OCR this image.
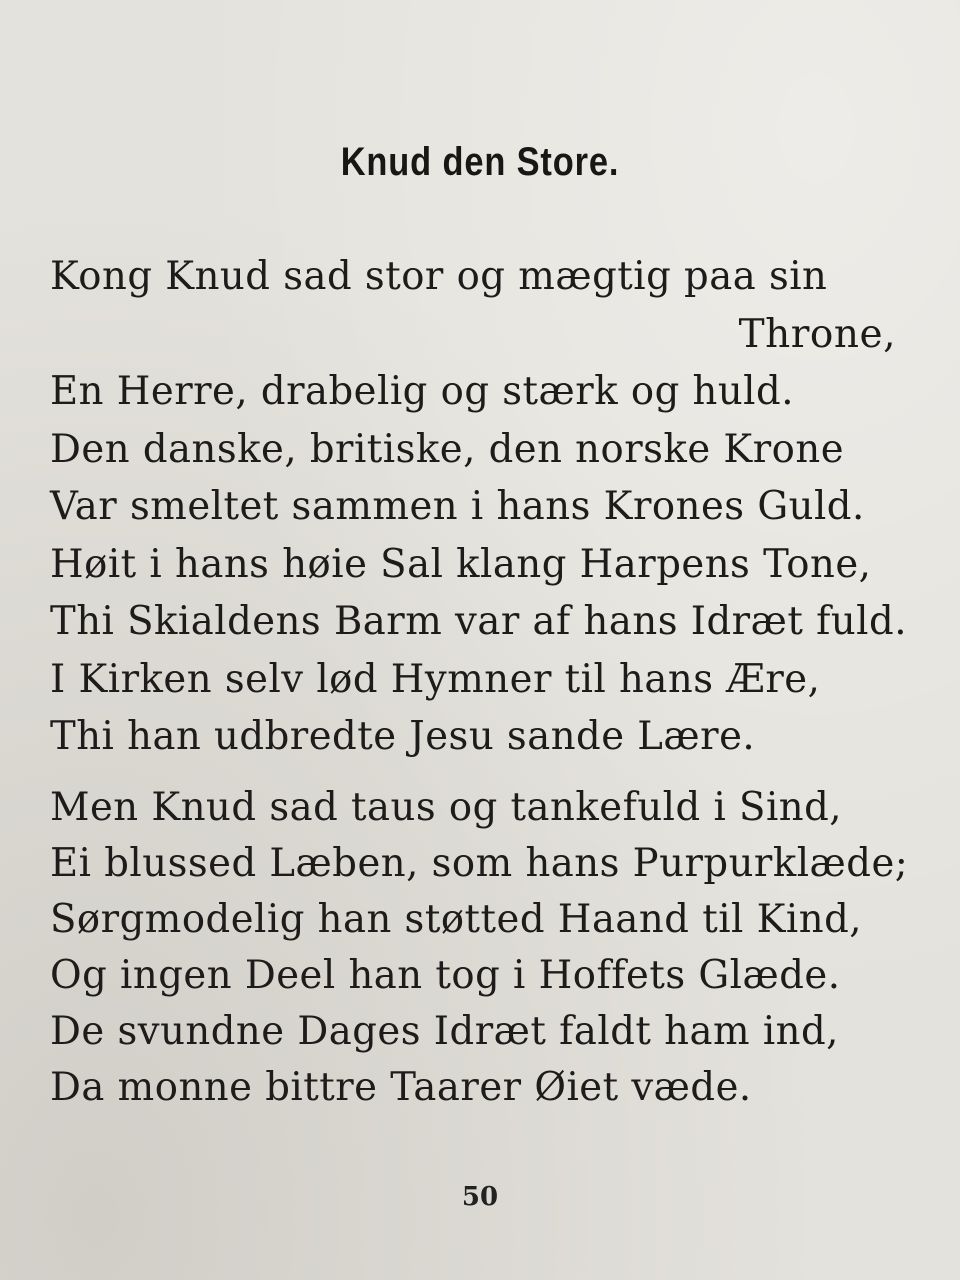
Knud den Store.
Kong Knud sad stor og mægtig paa sin
Throne,
En Herre, drabelig og stærk og huld.
Den danske, britiske, den norske Krone
Var smeltet sammen i hans Krones Guld.
Høit i hans høie Sal klang Harpens Tone,
Thi Skialdens Barm var af hans Idræt fuld.
I Kirken selv lød Hymner til hans Ære,
Thi han udbredte Jesu sande Lære.
Men Knud sad taus og tankefuld i Sind,
Ei blussed Læben, som hans Purpurklæde;
Sørgmodelig han støtted Haand til Kind,
Og ingen Deel han tog i Hoffets Glæde.
De svundne Dages Idræt faldt ham ind,
Da monne bittre Taarer Øiet væde.
50
